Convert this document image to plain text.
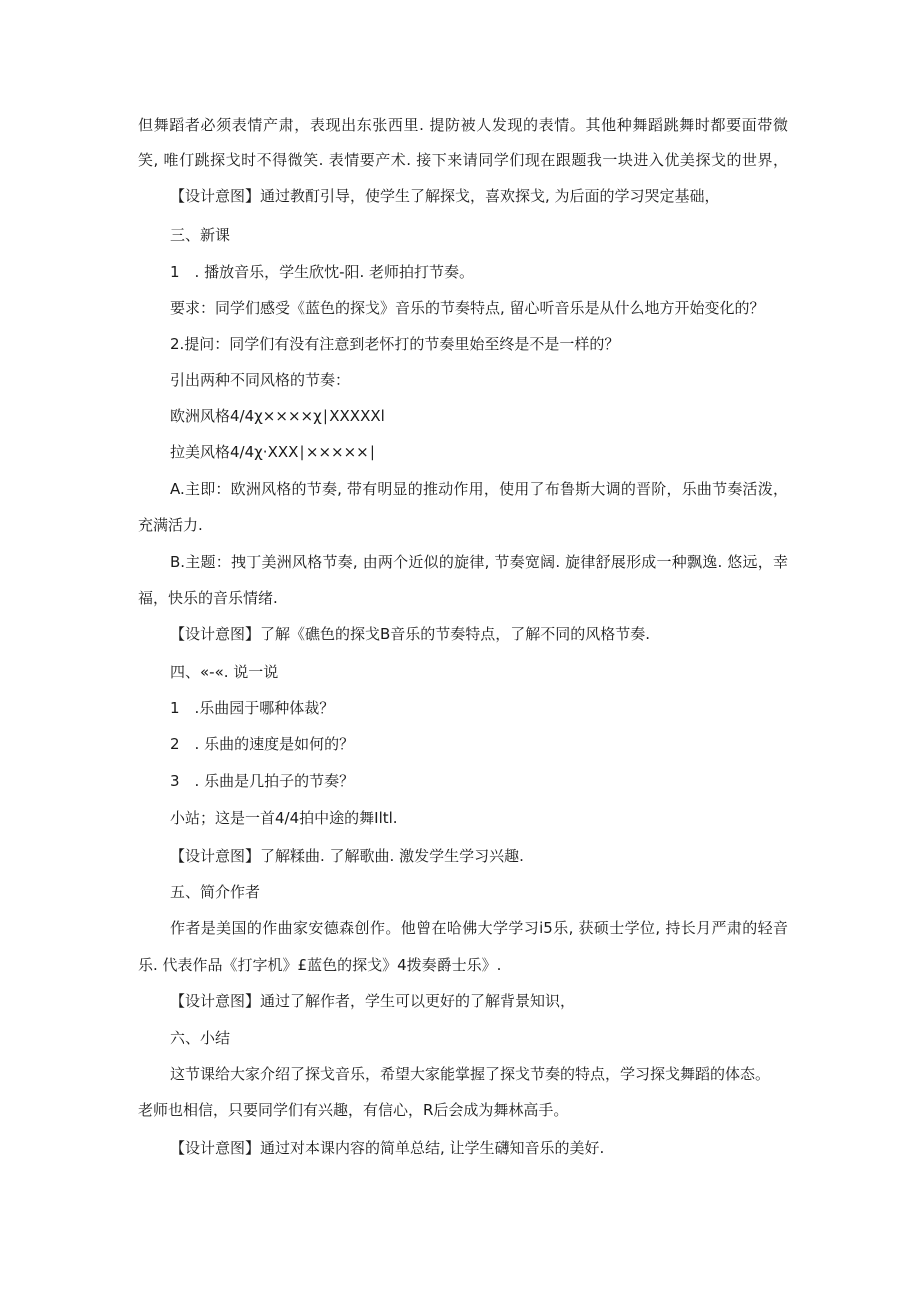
但舞蹈者必须表情产肃，表现出东张西里. 提防被人发现的表情。其他种舞蹈跳舞时都要面带微
笑, 唯仃跳探戈时不得微笑. 表情要产术. 接下来请同学们现在跟题我一块进入优美探戈的世界，
【设计意图】通过教酊引导，使学生了解探戈，喜欢探戈, 为后面的学习哭定基础，
三、新课
1　. 播放音乐，学生欣忱-阳. 老师拍打节奏。
要求：同学们感受《蓝色的探戈》音乐的节奏特点, 留心听音乐是从什么地方开始变化的？
2.提问：同学们有没有注意到老怀打的节奏里始至终是不是一样的？
引出两种不同风格的节奏：
欧洲风格4/4χ××××χ∣XXXXXl
拉美风格4/4χ·XXX∣×××××∣
A.主即：欧洲风格的节奏, 带有明显的推动作用，使用了布鲁斯大调的晋阶，乐曲节奏活泼，
充满活力.
B.主题：拽丁美洲风格节奏, 由两个近似的旋律, 节奏宽阔. 旋律舒展形成一种飘逸. 悠远，幸
福，快乐的音乐情绪.
【设计意图】了解《礁色的探戈B音乐的节奏特点，了解不同的风格节奏.
四、«-«. 说一说
1　.乐曲园于哪种体裁？
2　. 乐曲的速度是如何的？
3　. 乐曲是几拍子的节奏？
小站；这是一首4/4拍中途的舞Iltl.
【设计意图】了解糅曲. 了解歌曲. 激发学生学习兴趣.
五、简介作者
作者是美国的作曲家安德森创作。他曾在哈佛大学学习i5乐, 获硕士学位, 持长月严肃的轻音
乐. 代表作品《打字机》£蓝色的探戈》4拨奏爵士乐》.
【设计意图】通过了解作者，学生可以更好的了解背景知识，
六、小结
这节课给大家介绍了探戈音乐，希望大家能掌握了探戈节奏的特点，学习探戈舞蹈的体态。
老师也相信，只要同学们有兴趣，有信心，R后会成为舞林高手。
【设计意图】通过对本课内容的简单总结, 让学生礴知音乐的美好.
